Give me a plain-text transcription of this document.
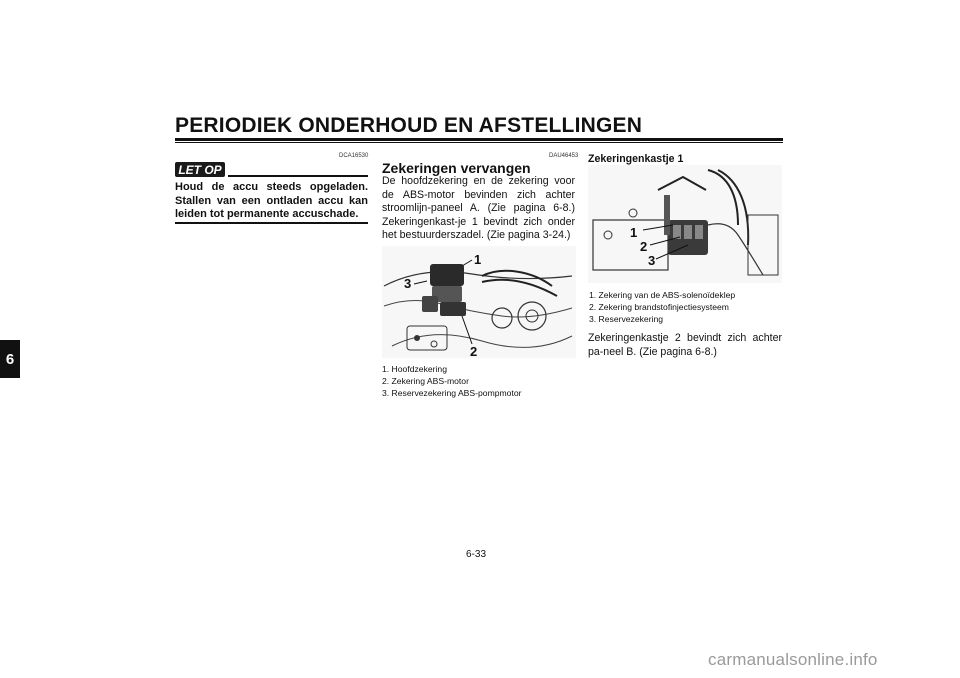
PERIODIEK ONDERHOUD EN AFSTELLINGEN
6
DCA16530
LET OP

Houd de accu steeds opgeladen. Stallen van een ontladen accu kan leiden tot permanente accuschade.

DAU46453
Zekeringen vervangen

De hoofdzekering en de zekering voor de ABS-motor bevinden zich achter stroomlijn-paneel A. (Zie pagina 6-8.) Zekeringenkast-je 1 bevindt zich onder het bestuurderszadel. (Zie pagina 3-24.)

1
3
2
1. Hoofdzekering
2. Zekering ABS-motor
3. Reservezekering ABS-pompmotor
Zekeringenkastje 1
1
2
3
1. Zekering van de ABS-solenoïdeklep
2. Zekering brandstofinjectiesysteem
3. Reservezekering

Zekeringenkastje 2 bevindt zich achter pa-neel B. (Zie pagina 6-8.)

6-33
carmanualsonline.info
